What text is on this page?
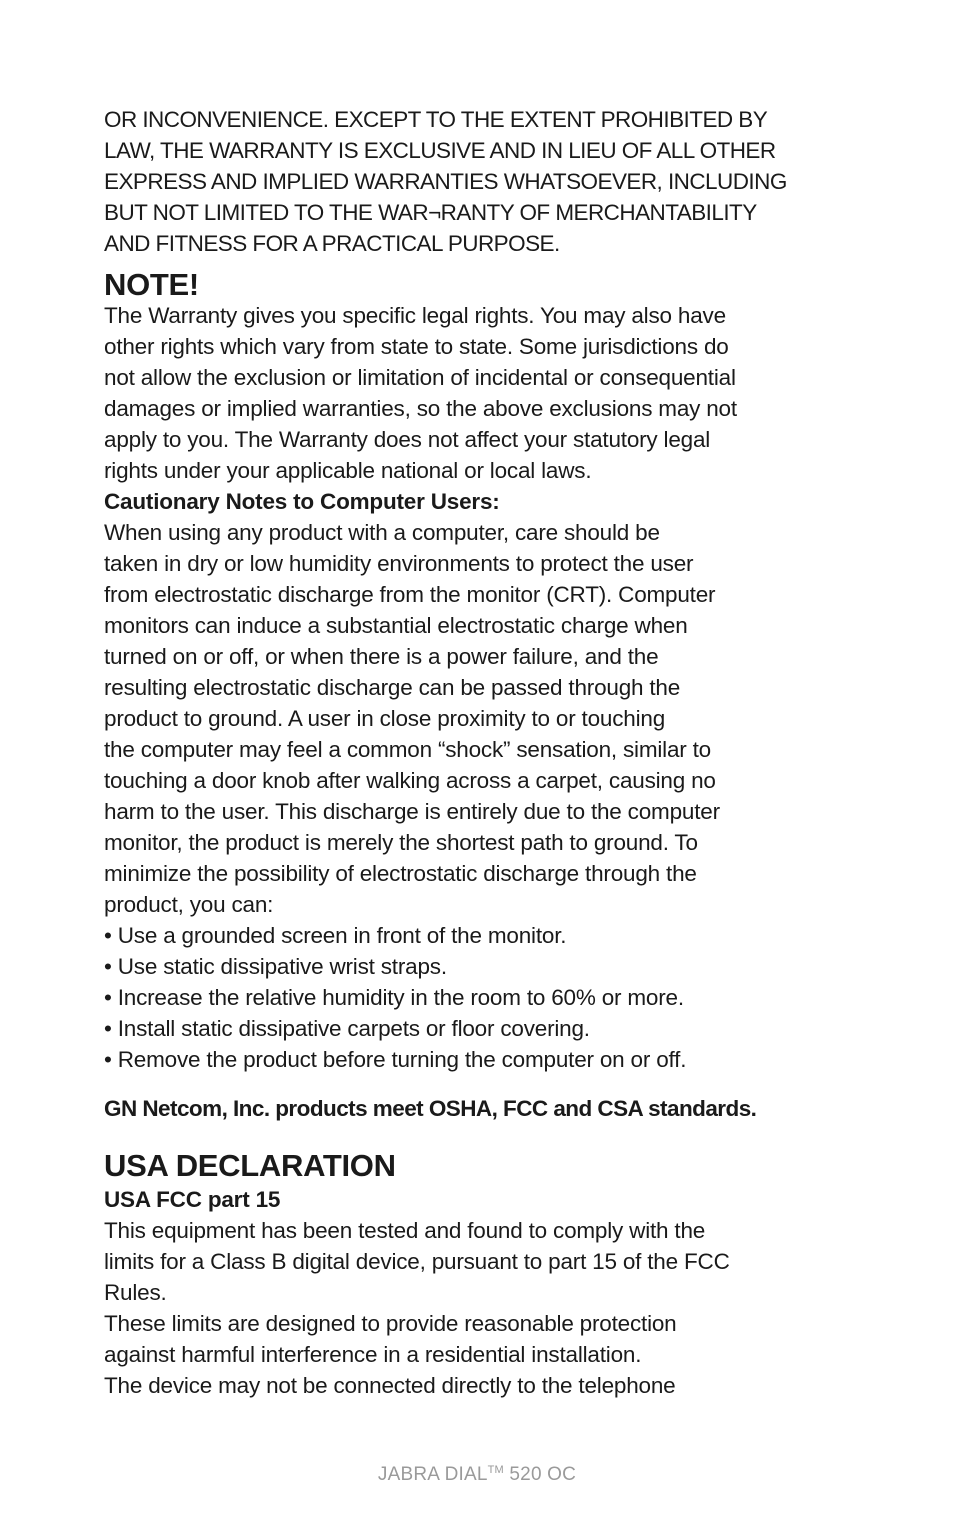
OR INCONVENIENCE. EXCEPT TO THE EXTENT PROHIBITED BY
LAW, THE WARRANTY IS EXCLUSIVE AND IN LIEU OF ALL OTHER
EXPRESS AND IMPLIED WARRANTIES WHATSOEVER, INCLUDING
BUT NOT LIMITED TO THE WAR¬RANTY OF MERCHANTABILITY
AND FITNESS FOR A PRACTICAL PURPOSE.
NOTE!
The Warranty gives you specific legal rights. You may also have
other rights which vary from state to state. Some jurisdictions do
not allow the exclusion or limitation of incidental or consequential
damages or implied warranties, so the above exclusions may not
apply to you. The Warranty does not affect your statutory legal
rights under your applicable national or local laws.
Cautionary Notes to Computer Users:
When using any product with a computer, care should be
taken in dry or low humidity environments to protect the user
from electrostatic discharge from the monitor (CRT). Computer
monitors can induce a substantial electrostatic charge when
turned on or off, or when there is a power failure, and the
resulting electrostatic discharge can be passed through the
product to ground. A user in close proximity to or touching
the computer may feel a common “shock” sensation, similar to
touching a door knob after walking across a carpet, causing no
harm to the user. This discharge is entirely due to the computer
monitor, the product is merely the shortest path to ground. To
minimize the possibility of electrostatic discharge through the
product, you can:
• Use a grounded screen in front of the monitor.
• Use static dissipative wrist straps.
• Increase the relative humidity in the room to 60% or more.
• Install static dissipative carpets or floor covering.
• Remove the product before turning the computer on or off.
GN Netcom, Inc. products meet OSHA, FCC and CSA standards.
USA DECLARATION
USA FCC part 15
This equipment has been tested and found to comply with the
limits for a Class B digital device, pursuant to part 15 of the FCC
Rules.
These limits are designed to provide reasonable protection
against harmful interference in a residential installation.
The device may not be connected directly to the telephone
JABRA DIAL™ 520 OC
